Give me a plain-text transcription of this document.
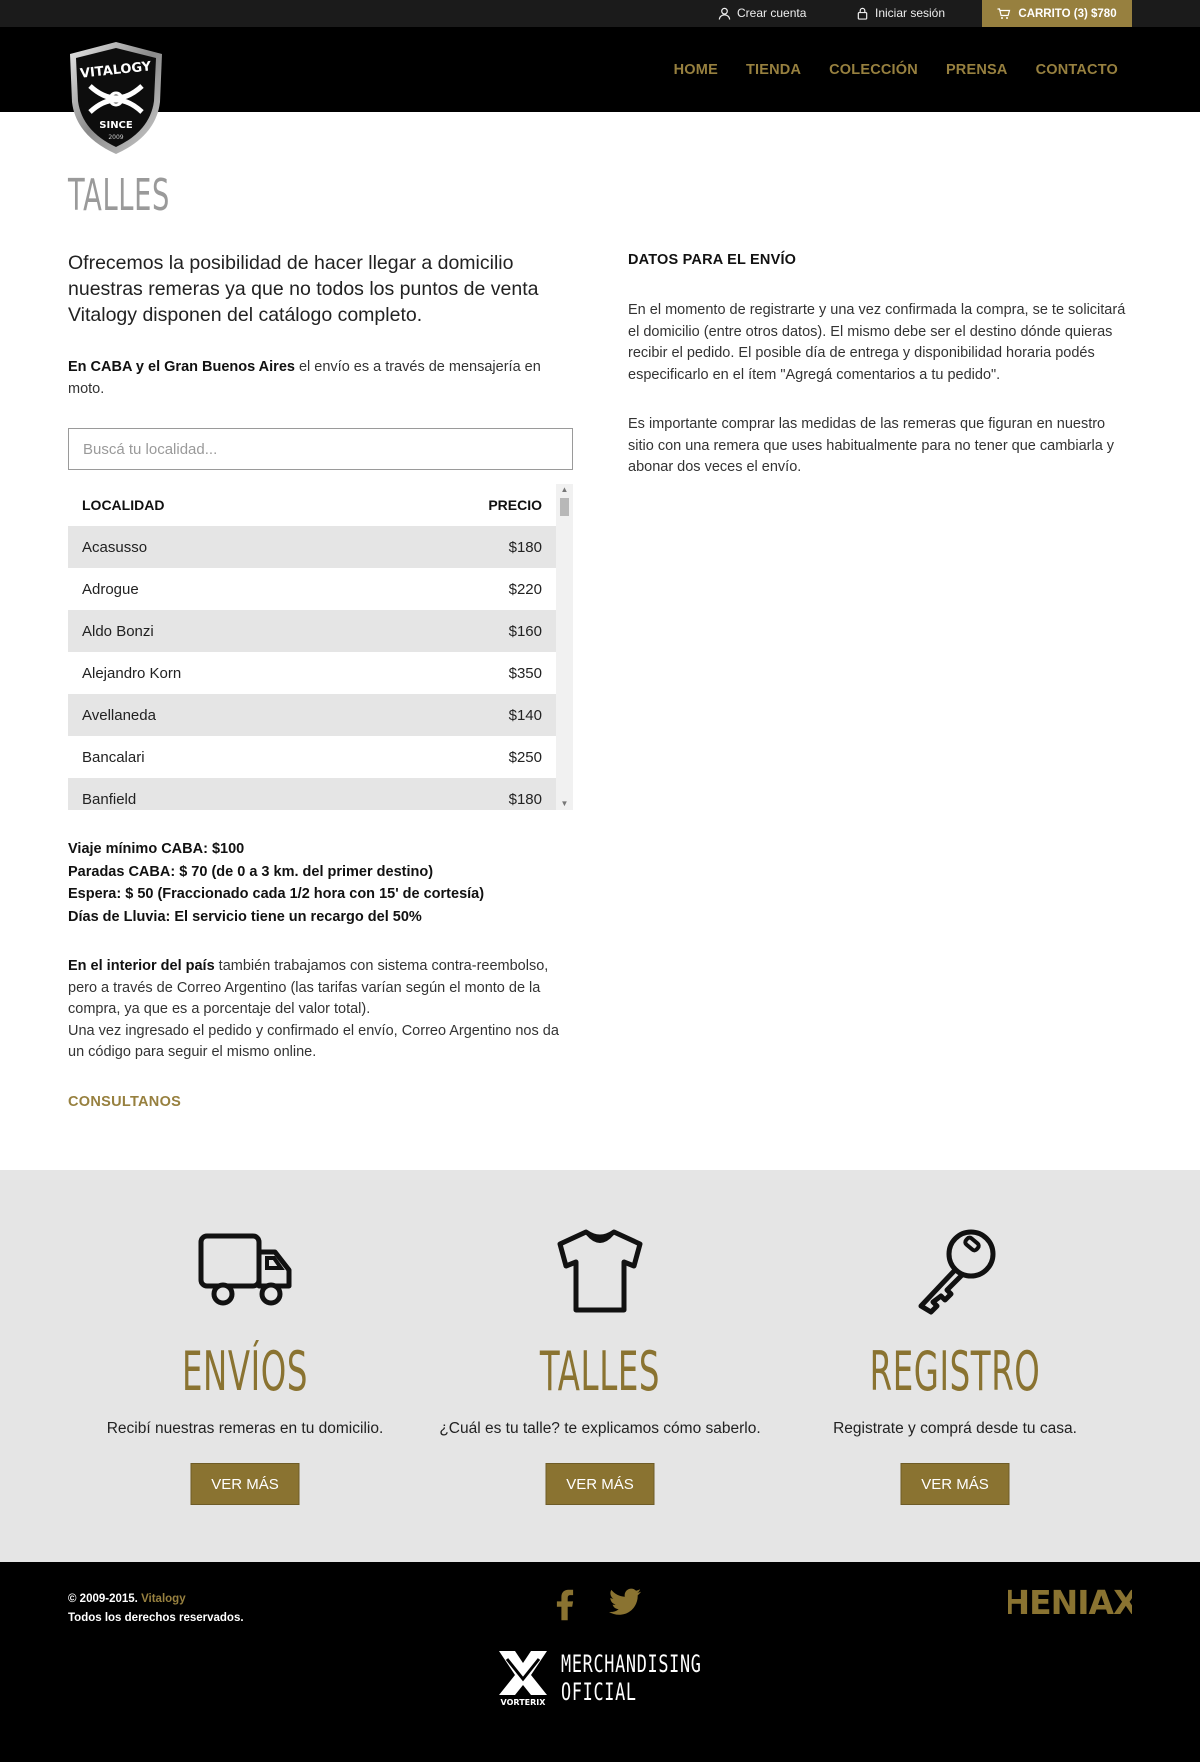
Crear cuenta	Iniciar sesión	CARRITO (3) $780
HOME TIENDA COLECCIÓN PRENSA CONTACTO
VITALOGY
SINCE
2009
TALLES

Ofrecemos la posibilidad de hacer llegar a domicilio nuestras remeras ya que no todos los puntos de venta Vitalogy disponen del catálogo completo.

En CABA y el Gran Buenos Aires el envío es a través de mensajería en moto.

Buscá tu localidad...
LOCALIDAD	PRECIO
Acasusso	$180
Adrogue	$220
Aldo Bonzi	$160
Alejandro Korn	$350
Avellaneda	$140
Bancalari	$250
Banfield	$180
▲
▼
Viaje mínimo CABA: $100
Paradas CABA: $ 70 (de 0 a 3 km. del primer destino)
Espera: $ 50 (Fraccionado cada 1/2 hora con 15' de cortesía)
Días de Lluvia: El servicio tiene un recargo del 50%

En el interior del país también trabajamos con sistema contra-reembolso, pero a través de Correo Argentino (las tarifas varían según el monto de la compra, ya que es a porcentaje del valor total).

Una vez ingresado el pedido y confirmado el envío, Correo Argentino nos da un código para seguir el mismo online.

CONSULTANOS
DATOS PARA EL ENVÍO

En el momento de registrarte y una vez confirmada la compra, se te solicitará el domicilio (entre otros datos). El mismo debe ser el destino dónde quieras recibir el pedido. El posible día de entrega y disponibilidad horaria podés especificarlo en el ítem "Agregá comentarios a tu pedido".

Es importante comprar las medidas de las remeras que figuran en nuestro sitio con una remera que uses habitualmente para no tener que cambiarla y abonar dos veces el envío.

ENVÍOS
Recibí nuestras remeras en tu domicilio.
VER MÁS
TALLES
¿Cuál es tu talle? te explicamos cómo saberlo.
VER MÁS
REGISTRO
Registrate y comprá desde tu casa.
VER MÁS
© 2009-2015. Vitalogy
Todos los derechos reservados.	HENIAX
VORTERIX
MERCHANDISING
OFICIAL
